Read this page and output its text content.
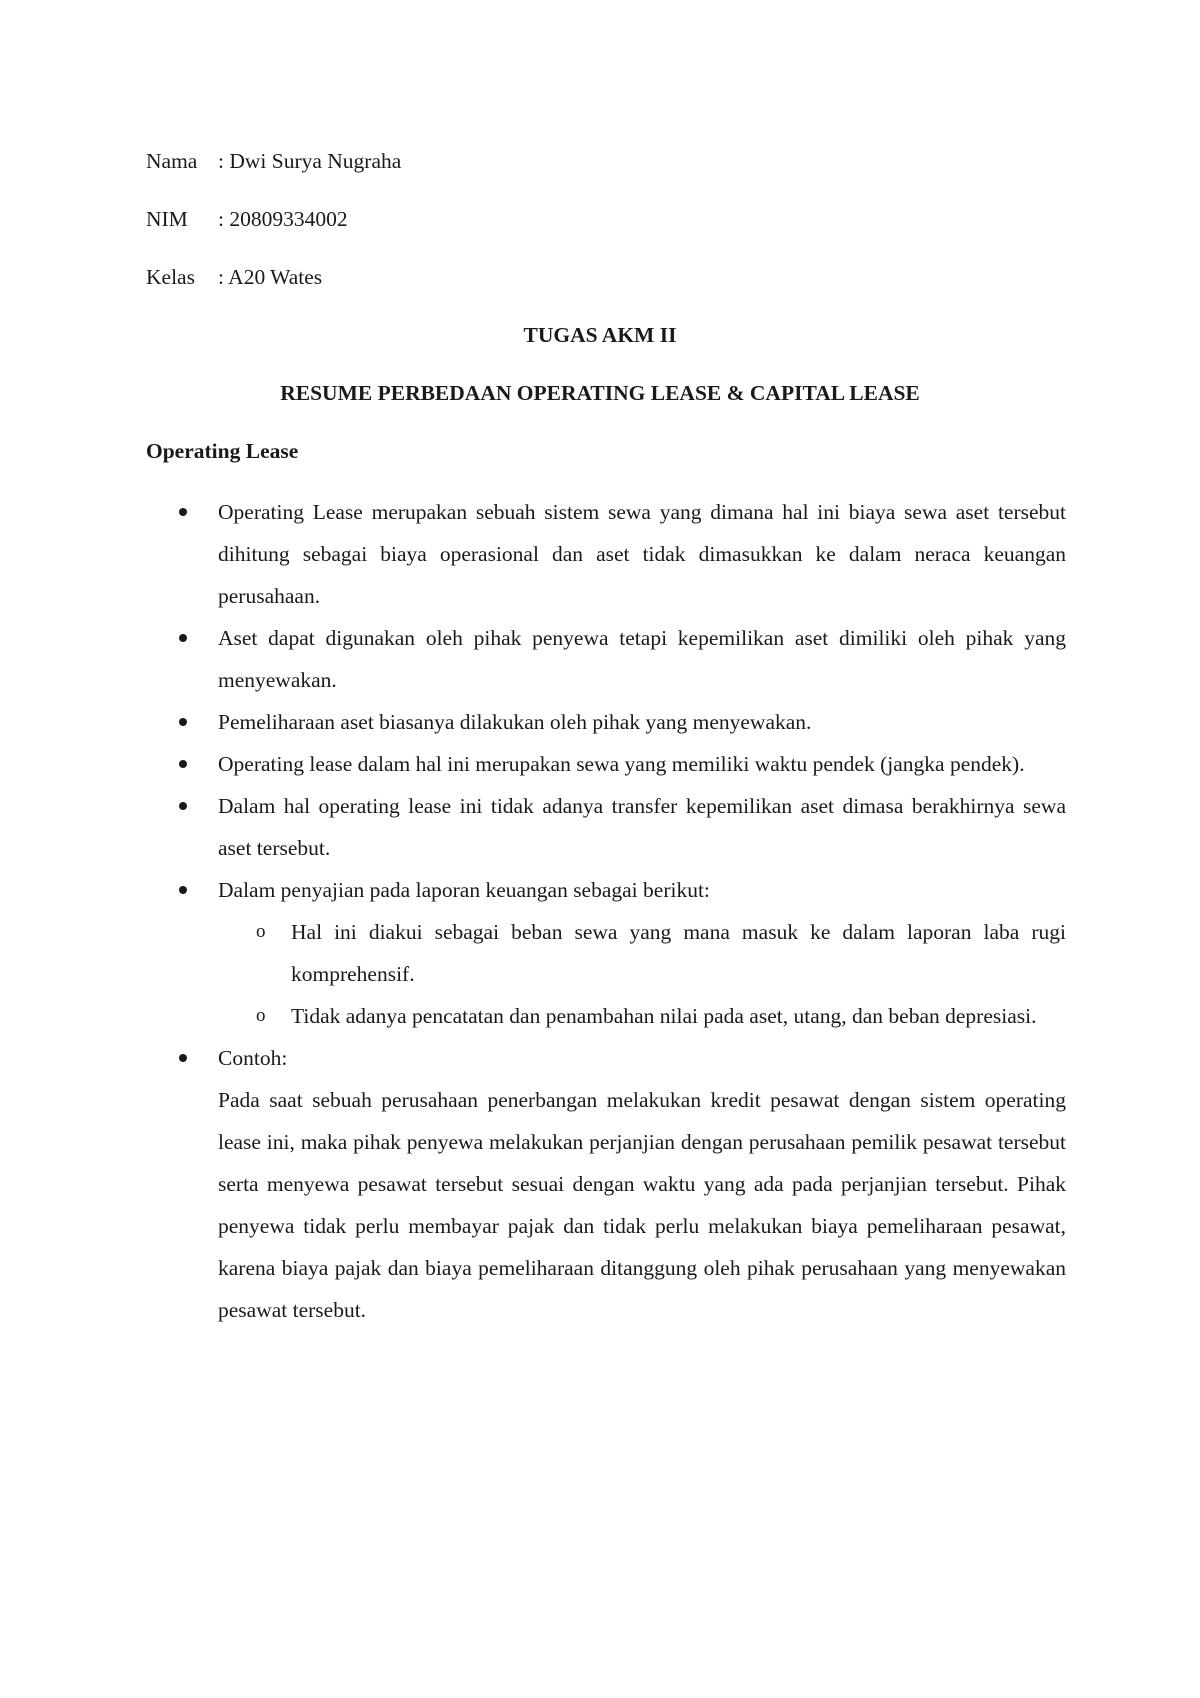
Nama : Dwi Surya Nugraha
NIM : 20809334002
Kelas : A20 Wates
TUGAS AKM II
RESUME PERBEDAAN OPERATING LEASE & CAPITAL LEASE
Operating Lease
Operating Lease merupakan sebuah sistem sewa yang dimana hal ini biaya sewa aset tersebut dihitung sebagai biaya operasional dan aset tidak dimasukkan ke dalam neraca keuangan perusahaan.
Aset dapat digunakan oleh pihak penyewa tetapi kepemilikan aset dimiliki oleh pihak yang menyewakan.
Pemeliharaan aset biasanya dilakukan oleh pihak yang menyewakan.
Operating lease dalam hal ini merupakan sewa yang memiliki waktu pendek (jangka pendek).
Dalam hal operating lease ini tidak adanya transfer kepemilikan aset dimasa berakhirnya sewa aset tersebut.
Dalam penyajian pada laporan keuangan sebagai berikut:
o Hal ini diakui sebagai beban sewa yang mana masuk ke dalam laporan laba rugi komprehensif.
o Tidak adanya pencatatan dan penambahan nilai pada aset, utang, dan beban depresiasi.
Contoh:
Pada saat sebuah perusahaan penerbangan melakukan kredit pesawat dengan sistem operating lease ini, maka pihak penyewa melakukan perjanjian dengan perusahaan pemilik pesawat tersebut serta menyewa pesawat tersebut sesuai dengan waktu yang ada pada perjanjian tersebut. Pihak penyewa tidak perlu membayar pajak dan tidak perlu melakukan biaya pemeliharaan pesawat, karena biaya pajak dan biaya pemeliharaan ditanggung oleh pihak perusahaan yang menyewakan pesawat tersebut.
